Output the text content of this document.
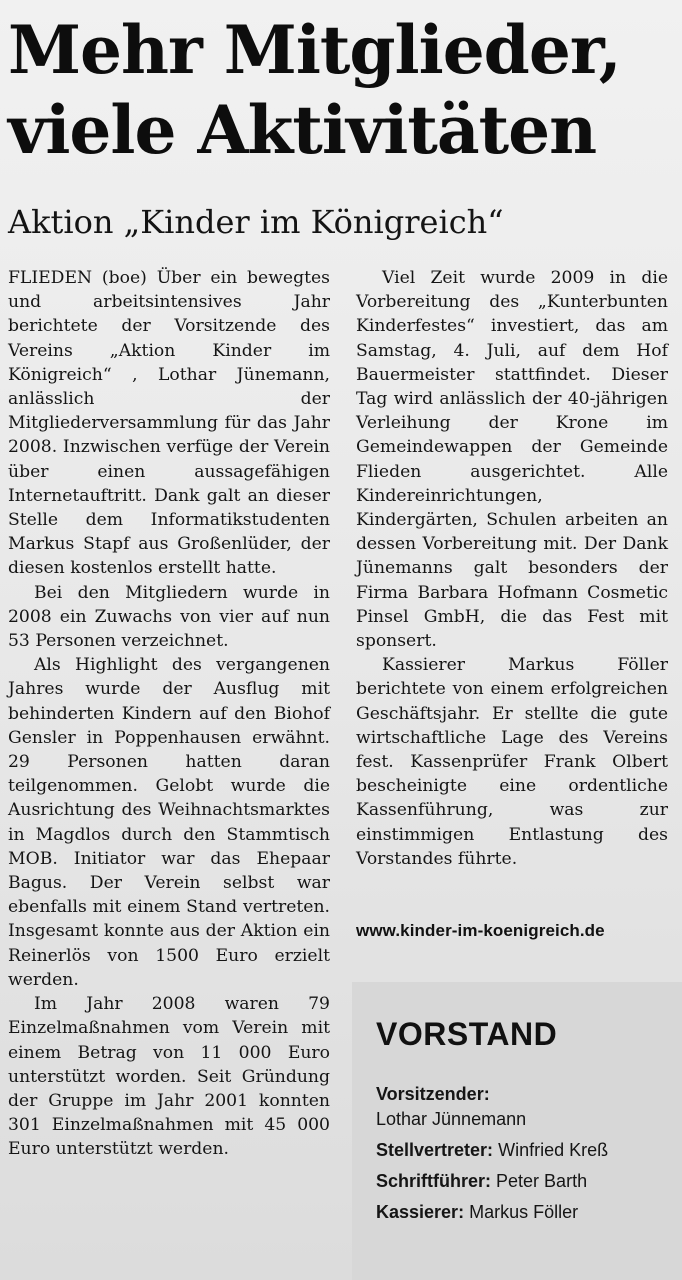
Mehr Mitglieder, viele Aktivitäten
Aktion „Kinder im Königreich“

FLIEDEN (boe) Über ein bewegtes und arbeitsintensives Jahr berichtete der Vorsitzende des Vereins „Aktion Kinder im Königreich“ , Lothar Jünemann, anlässlich der Mitgliederversammlung für das Jahr 2008. Inzwischen verfüge der Verein über einen aussagefähigen Internetauftritt. Dank galt an dieser Stelle dem Informatikstudenten Markus Stapf aus Großenlüder, der diesen kostenlos erstellt hatte.

Bei den Mitgliedern wurde in 2008 ein Zuwachs von vier auf nun 53 Personen verzeichnet.

Als Highlight des vergangenen Jahres wurde der Ausflug mit behinderten Kindern auf den Biohof Gensler in Poppenhausen erwähnt. 29 Personen hatten daran teilgenommen. Gelobt wurde die Ausrichtung des Weihnachtsmarktes in Magdlos durch den Stammtisch MOB. Initiator war das Ehepaar Bagus. Der Verein selbst war ebenfalls mit einem Stand vertreten. Insgesamt konnte aus der Aktion ein Reinerlös von 1500 Euro erzielt werden.

Im Jahr 2008 waren 79 Einzelmaßnahmen vom Verein mit einem Betrag von 11 000 Euro unterstützt worden. Seit Gründung der Gruppe im Jahr 2001 konnten 301 Einzelmaßnahmen mit 45 000 Euro unterstützt werden.

Viel Zeit wurde 2009 in die Vorbereitung des „Kunterbunten Kinderfestes“ investiert, das am Samstag, 4. Juli, auf dem Hof Bauermeister stattfindet. Dieser Tag wird anlässlich der 40-jährigen Verleihung der Krone im Gemeindewappen der Gemeinde Flieden ausgerichtet. Alle Kindereinrichtungen, Kindergärten, Schulen arbeiten an dessen Vorbereitung mit. Der Dank Jünemanns galt besonders der Firma Barbara Hofmann Cosmetic Pinsel GmbH, die das Fest mit sponsert.

Kassierer Markus Föller berichtete von einem erfolgreichen Geschäftsjahr. Er stellte die gute wirtschaftliche Lage des Vereins fest. Kassenprüfer Frank Olbert bescheinigte eine ordentliche Kassenführung, was zur einstimmigen Entlastung des Vorstandes führte.

www.kinder-im-koenigreich.de
VORSTAND
Vorsitzender:
Lothar Jünnemann
Stellvertreter: Winfried Kreß
Schriftführer: Peter Barth
Kassierer: Markus Föller
